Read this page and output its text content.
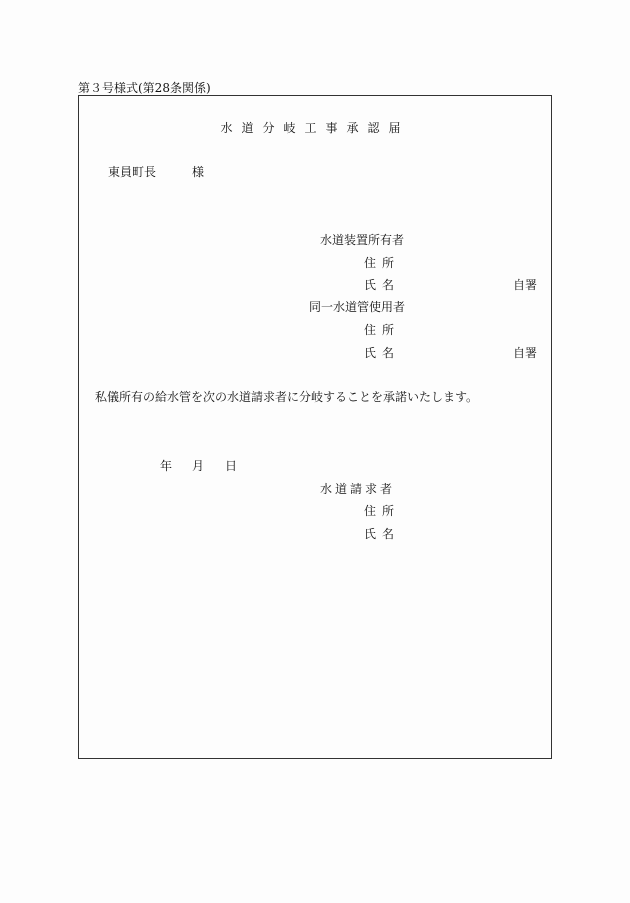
第３号様式(第28条関係)
水道分岐工事承認届
東員町長	様
水道装置所有者
住所
氏名	自署
同一水道管使用者
住所
氏名	自署
私儀所有の給水管を次の水道請求者に分岐することを承諾いたします。
年 月 日
水道請求者
住所
氏名
